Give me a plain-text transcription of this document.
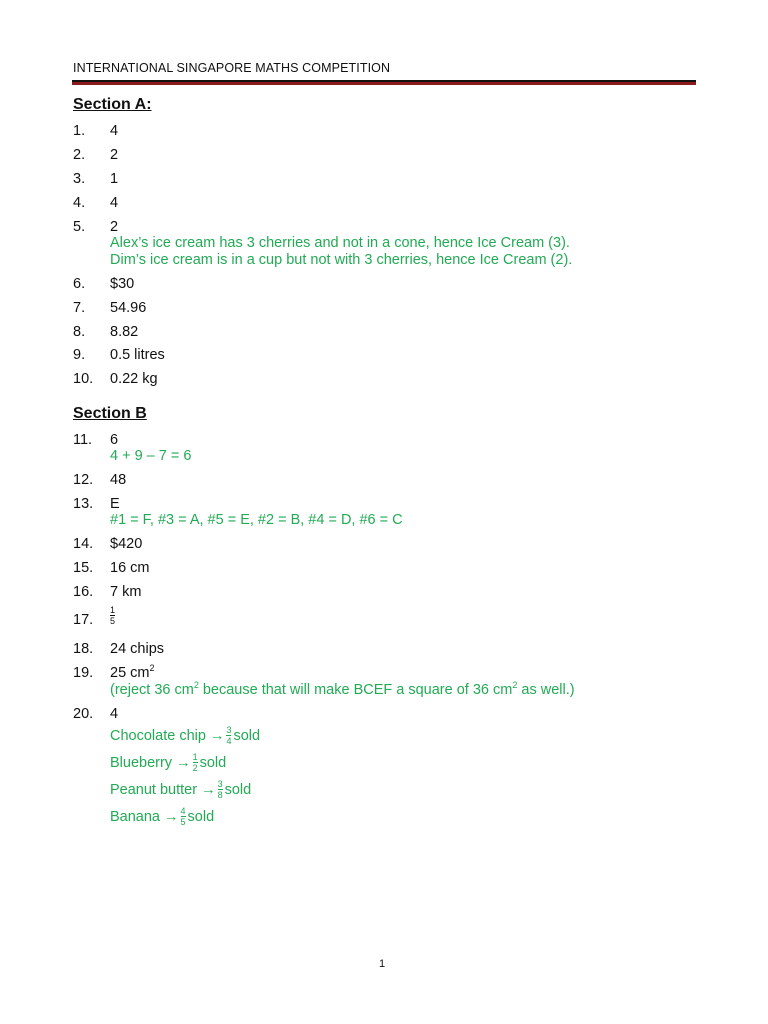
INTERNATIONAL SINGAPORE MATHS COMPETITION
Section A:
1.	4
2.	2
3.	1
4.	4
5.	2
Alex’s ice cream has 3 cherries and not in a cone, hence Ice Cream (3).
Dim’s ice cream is in a cup but not with 3 cherries, hence Ice Cream (2).
6.	$30
7.	54.96
8.	8.82
9.	0.5 litres
10.	0.22 kg
Section B
11.	6
4 + 9 – 7 = 6
12.	48
13.	E
#1 = F, #3 = A, #5 = E, #2 = B, #4 = D, #6 = C
14.	$420
15.	16 cm
16.	7 km
17.	$\frac{1}{5}$
18.	24 chips
19.	25 $cm^2$
(reject 36 $cm^2$ because that will make BCEF a square of 36 $cm^2$ as well.)
20.	4
Chocolate chip → $\frac{3}{4}$ sold
Blueberry → $\frac{1}{2}$ sold
Peanut butter → $\frac{3}{8}$ sold
Banana → $\frac{4}{5}$ sold
1
